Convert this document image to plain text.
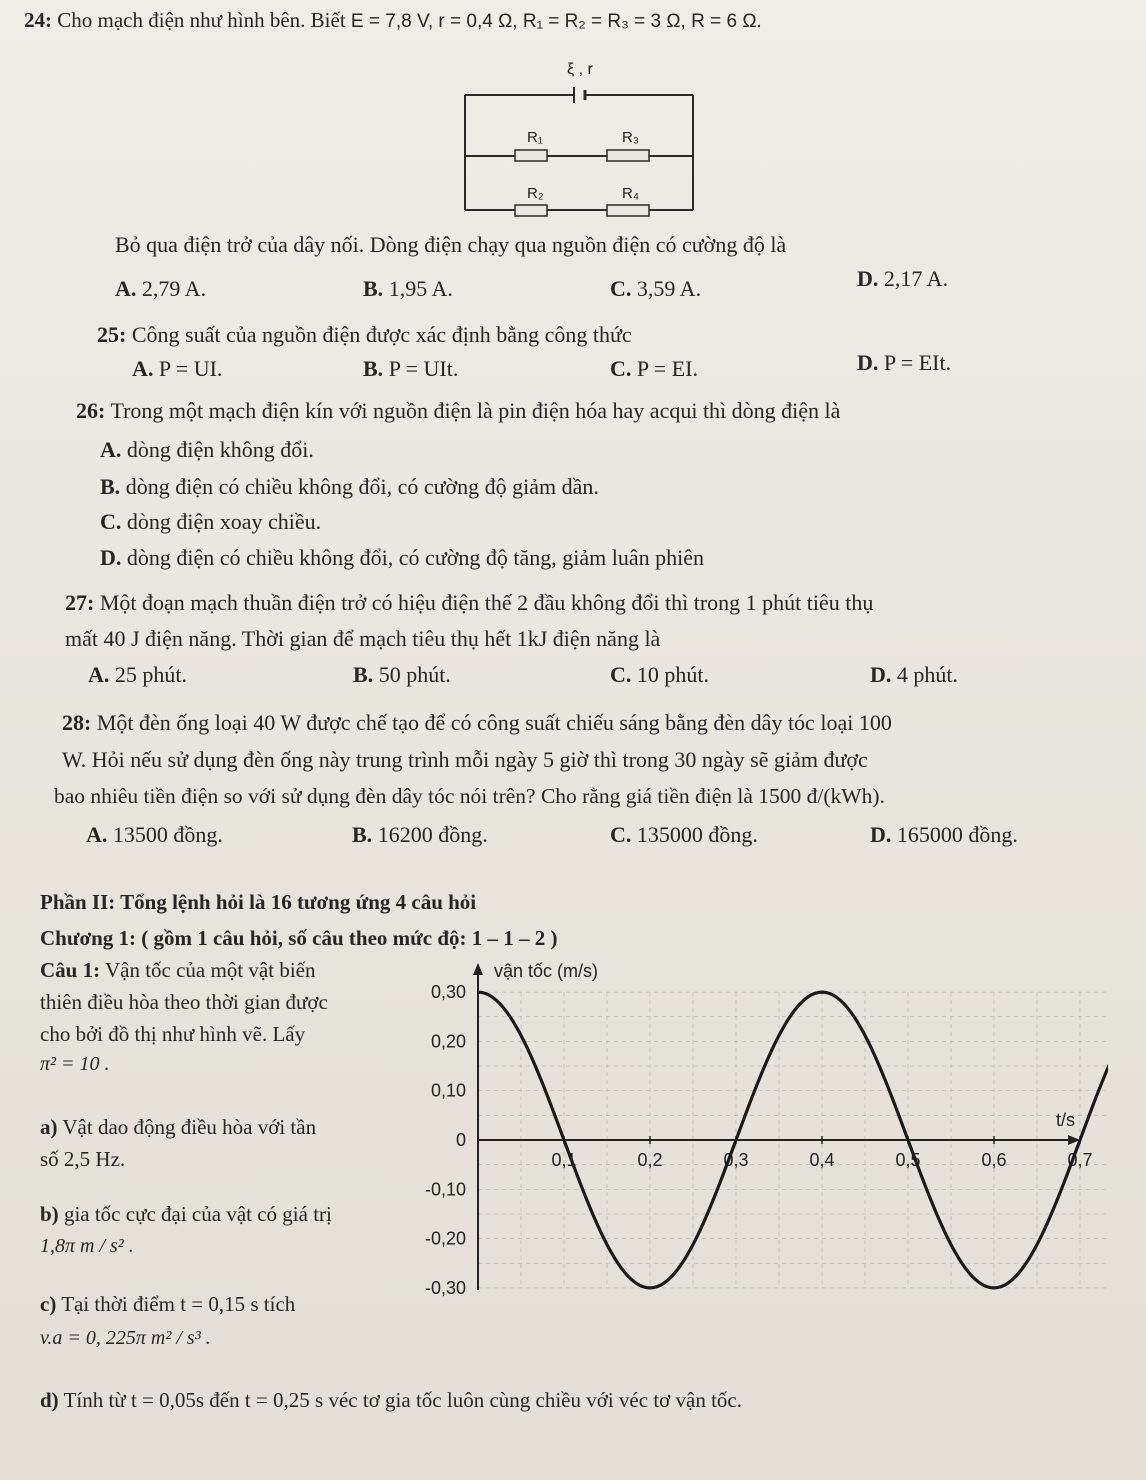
24: Cho mạch điện như hình bên. Biết E = 7,8 V, r = 0,4 Ω, R₁ = R₂ = R₃ = 3 Ω, R = 6 Ω.
ξ , r
R₁	R₃
R₂	R₄
Bỏ qua điện trở của dây nối. Dòng điện chạy qua nguồn điện có cường độ là
A. 2,79 A.	B. 1,95 A.	C. 3,59 A.	D. 2,17 A.
25: Công suất của nguồn điện được xác định bằng công thức
A. P = UI.	B. P = UIt.	C. P = EI.	D. P = EIt.
26: Trong một mạch điện kín với nguồn điện là pin điện hóa hay acqui thì dòng điện là
A. dòng điện không đổi.
B. dòng điện có chiều không đổi, có cường độ giảm dần.
C. dòng điện xoay chiều.
D. dòng điện có chiều không đổi, có cường độ tăng, giảm luân phiên
27: Một đoạn mạch thuần điện trở có hiệu điện thế 2 đầu không đổi thì trong 1 phút tiêu thụ
mất 40 J điện năng. Thời gian để mạch tiêu thụ hết 1kJ điện năng là
A. 25 phút.	B. 50 phút.	C. 10 phút.	D. 4 phút.
28: Một đèn ống loại 40 W được chế tạo để có công suất chiếu sáng bằng đèn dây tóc loại 100
W. Hỏi nếu sử dụng đèn ống này trung trình mỗi ngày 5 giờ thì trong 30 ngày sẽ giảm được
bao nhiêu tiền điện so với sử dụng đèn dây tóc nói trên? Cho rằng giá tiền điện là 1500 đ/(kWh).
A. 13500 đồng.	B. 16200 đồng.	C. 135000 đồng.	D. 165000 đồng.
Phần II: Tổng lệnh hỏi là 16 tương ứng 4 câu hỏi
Chương 1: ( gồm 1 câu hỏi, số câu theo mức độ: 1 – 1 – 2 )
Câu 1: Vận tốc của một vật biến
thiên điều hòa theo thời gian được
cho bởi đồ thị như hình vẽ. Lấy
π² = 10 .
a) Vật dao động điều hòa với tần
số 2,5 Hz.
b) gia tốc cực đại của vật có giá trị
1,8π m / s² .
c) Tại thời điểm t = 0,15 s tích
v.a = 0, 225π m² / s³ .
d) Tính từ t = 0,05s đến t = 0,25 s véc tơ gia tốc luôn cùng chiều với véc tơ vận tốc.
vận tốc (m/s)
t/s
0,30
0,20
0,10
0
-0,10
-0,20
-0,30
0,1	0,2	0,3	0,4	0,5	0,6	0,7
